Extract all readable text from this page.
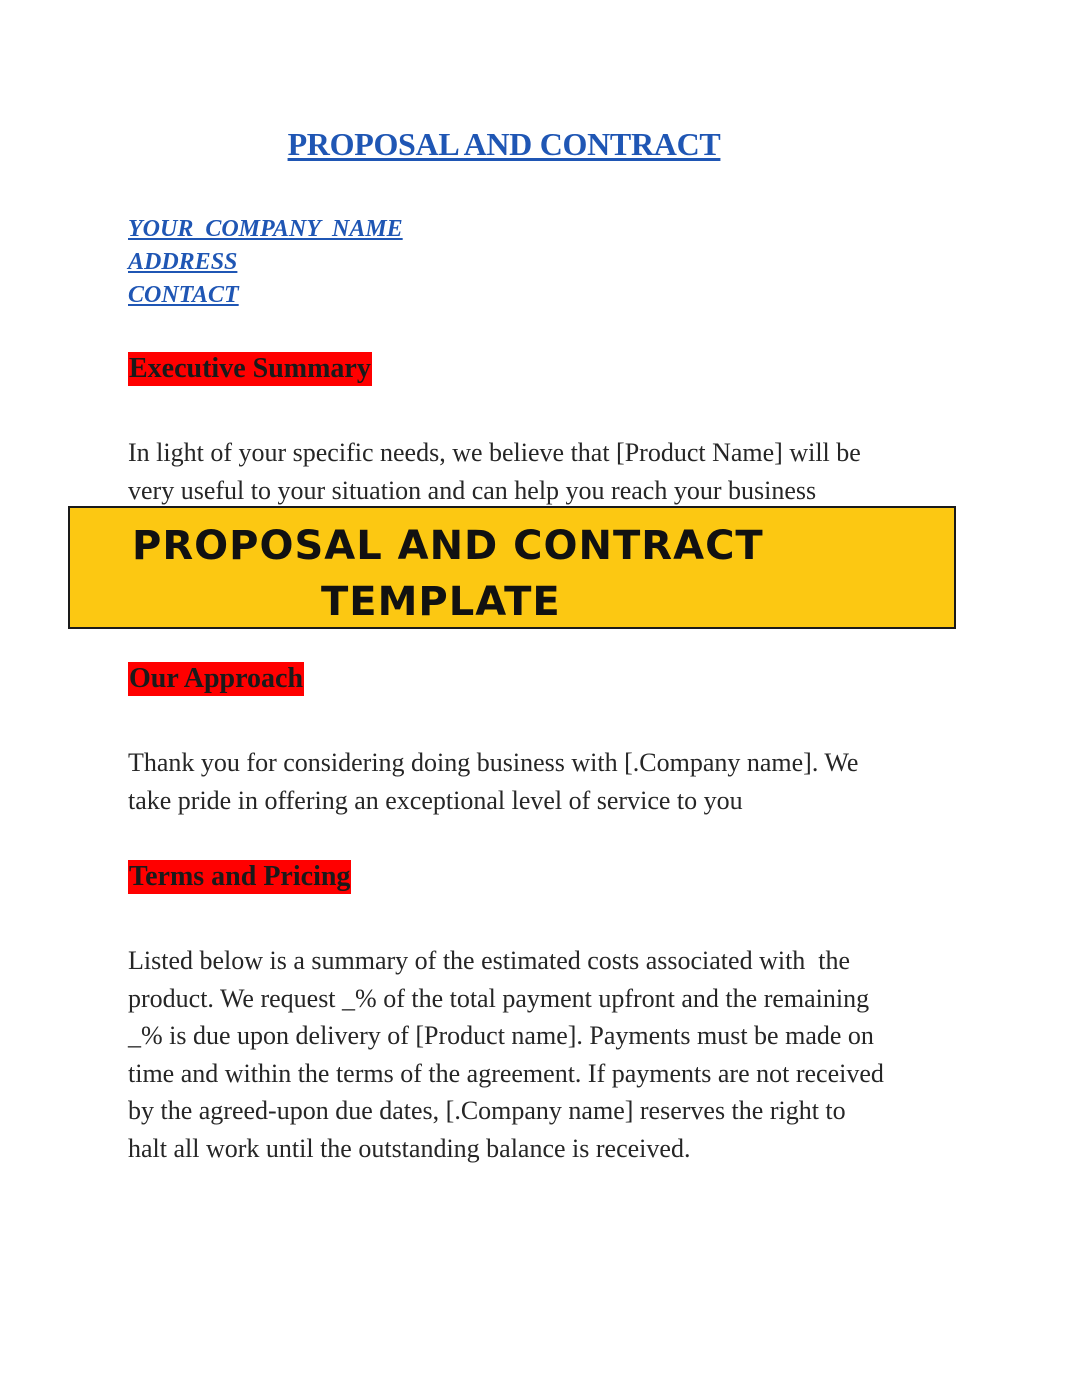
PROPOSAL AND CONTRACT
YOUR  COMPANY  NAME
ADDRESS
CONTACT
Executive Summary
In light of your specific needs, we believe that [Product Name] will be
very useful to your situation and can help you reach your business
PROPOSAL AND CONTRACT
TEMPLATE
Our Approach
Thank you for considering doing business with [.Company name]. We
take pride in offering an exceptional level of service to you
Terms and Pricing
Listed below is a summary of the estimated costs associated with  the
product. We request _% of the total payment upfront and the remaining
_% is due upon delivery of [Product name]. Payments must be made on
time and within the terms of the agreement. If payments are not received
by the agreed-upon due dates, [.Company name] reserves the right to
halt all work until the outstanding balance is received.
